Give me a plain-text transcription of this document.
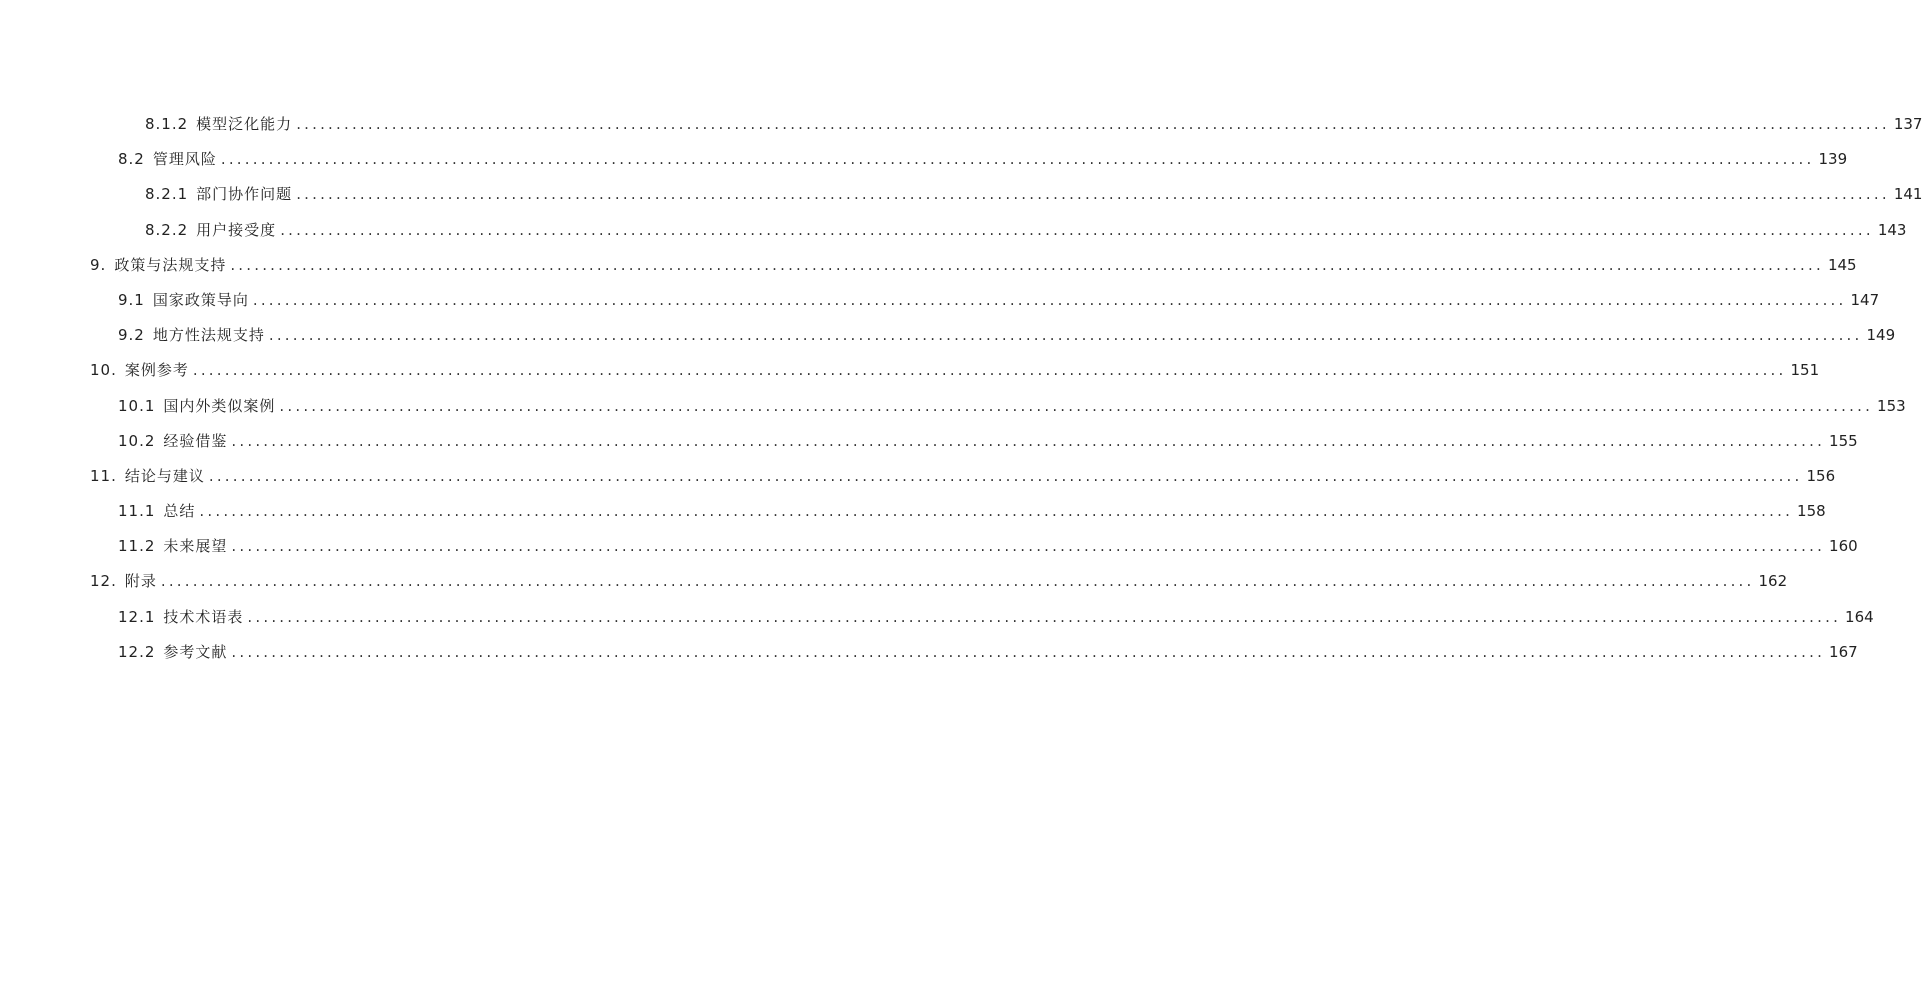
8.1.2 模型泛化能力 ........................................................................................................................................................................................................ 137
8.2 管理风险 ........................................................................................................................................................................................................ 139
8.2.1 部门协作问题 ........................................................................................................................................................................................................ 141
8.2.2 用户接受度 ........................................................................................................................................................................................................ 143
9. 政策与法规支持 ........................................................................................................................................................................................................ 145
9.1 国家政策导向 ........................................................................................................................................................................................................ 147
9.2 地方性法规支持 ........................................................................................................................................................................................................ 149
10. 案例参考 ........................................................................................................................................................................................................ 151
10.1 国内外类似案例 ........................................................................................................................................................................................................ 153
10.2 经验借鉴 ........................................................................................................................................................................................................ 155
11. 结论与建议 ........................................................................................................................................................................................................ 156
11.1 总结 ........................................................................................................................................................................................................ 158
11.2 未来展望 ........................................................................................................................................................................................................ 160
12. 附录 ........................................................................................................................................................................................................ 162
12.1 技术术语表 ........................................................................................................................................................................................................ 164
12.2 参考文献 ........................................................................................................................................................................................................ 167
